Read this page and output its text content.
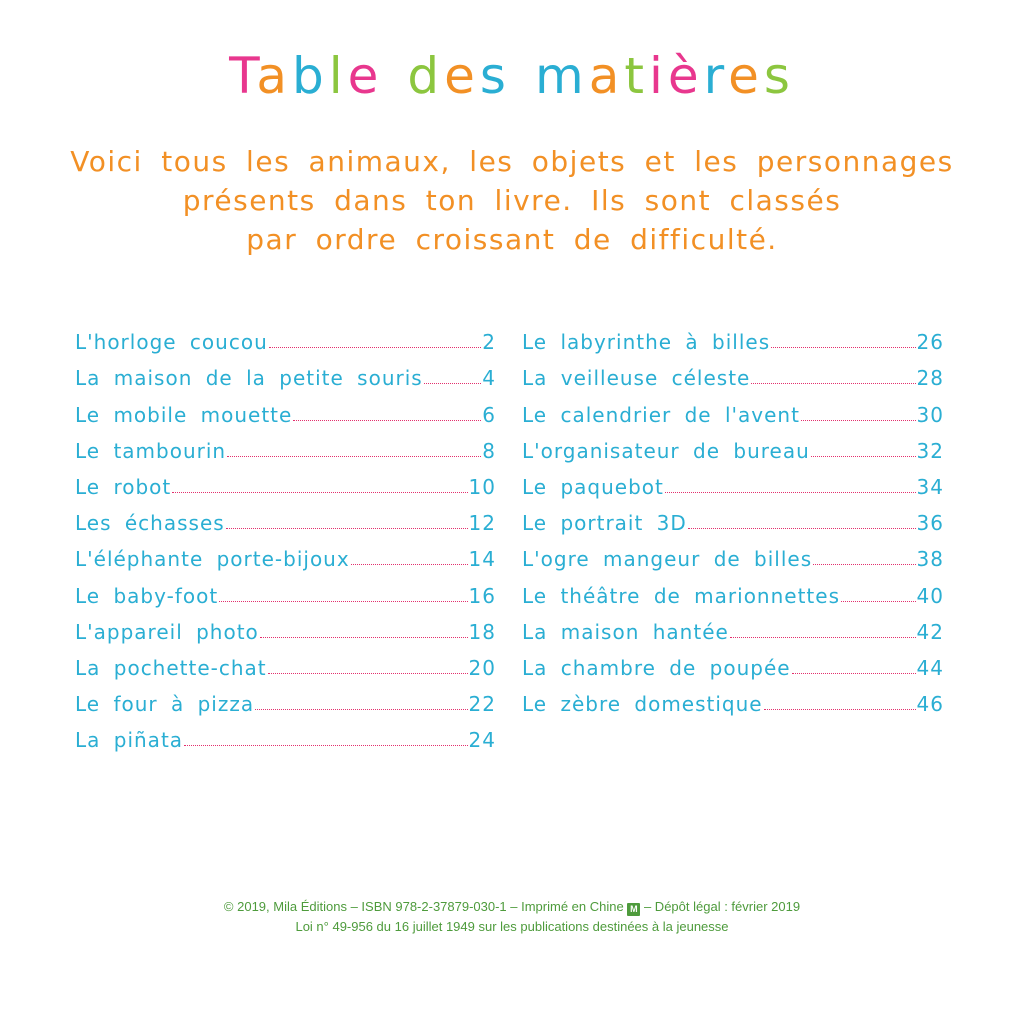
Table des matières
Voici tous les animaux, les objets et les personnages
présents dans ton livre. Ils sont classés
par ordre croissant de difficulté.
L'horloge coucou	2
La maison de la petite souris	4
Le mobile mouette	6
Le tambourin	8
Le robot	10
Les échasses	12
L'éléphante porte-bijoux	14
Le baby-foot	16
L'appareil photo	18
La pochette-chat	20
Le four à pizza	22
La piñata	24
Le labyrinthe à billes	26
La veilleuse céleste	28
Le calendrier de l'avent	30
L'organisateur de bureau	32
Le paquebot	34
Le portrait 3D	36
L'ogre mangeur de billes	38
Le théâtre de marionnettes	40
La maison hantée	42
La chambre de poupée	44
Le zèbre domestique	46
© 2019, Mila Éditions – ISBN 978-2-37879-030-1 – Imprimé en Chine M – Dépôt légal : février 2019
Loi n° 49-956 du 16 juillet 1949 sur les publications destinées à la jeunesse
